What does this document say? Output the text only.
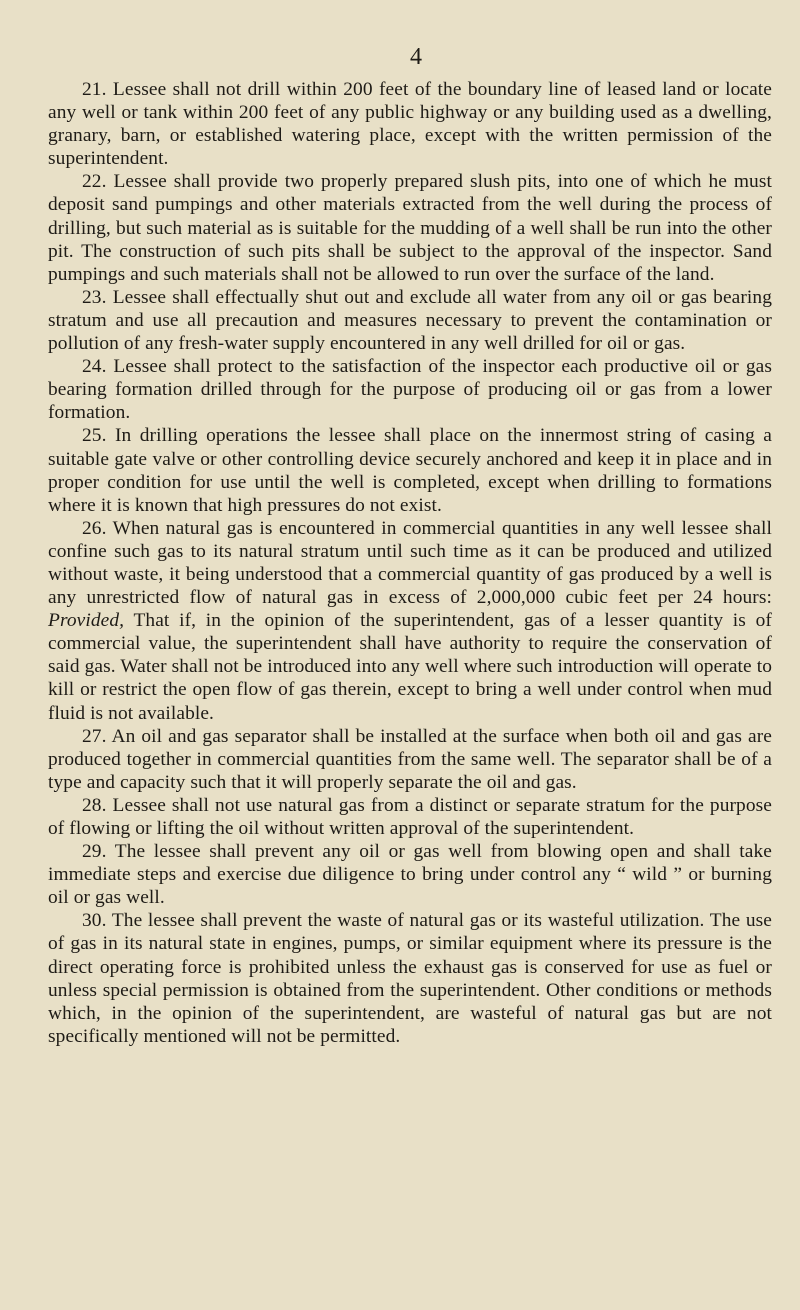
4

21. Lessee shall not drill within 200 feet of the boundary line of leased land or locate any well or tank within 200 feet of any public highway or any building used as a dwelling, granary, barn, or established watering place, except with the written permission of the superintendent.

22. Lessee shall provide two properly prepared slush pits, into one of which he must deposit sand pumpings and other materials extracted from the well during the process of drilling, but such material as is suitable for the mudding of a well shall be run into the other pit. The construction of such pits shall be subject to the approval of the inspector. Sand pumpings and such materials shall not be allowed to run over the surface of the land.

23. Lessee shall effectually shut out and exclude all water from any oil or gas bearing stratum and use all precaution and measures necessary to prevent the contamination or pollution of any fresh-water supply encountered in any well drilled for oil or gas.

24. Lessee shall protect to the satisfaction of the inspector each productive oil or gas bearing formation drilled through for the purpose of producing oil or gas from a lower formation.

25. In drilling operations the lessee shall place on the innermost string of casing a suitable gate valve or other controlling device securely anchored and keep it in place and in proper condition for use until the well is completed, except when drilling to formations where it is known that high pressures do not exist.

26. When natural gas is encountered in commercial quantities in any well lessee shall confine such gas to its natural stratum until such time as it can be produced and utilized without waste, it being understood that a commercial quantity of gas produced by a well is any unrestricted flow of natural gas in excess of 2,000,000 cubic feet per 24 hours: Provided, That if, in the opinion of the superintendent, gas of a lesser quantity is of commercial value, the superintendent shall have authority to require the conservation of said gas. Water shall not be introduced into any well where such introduction will operate to kill or restrict the open flow of gas therein, except to bring a well under control when mud fluid is not available.

27. An oil and gas separator shall be installed at the surface when both oil and gas are produced together in commercial quantities from the same well. The separator shall be of a type and capacity such that it will properly separate the oil and gas.

28. Lessee shall not use natural gas from a distinct or separate stratum for the purpose of flowing or lifting the oil without written approval of the superintendent.

29. The lessee shall prevent any oil or gas well from blowing open and shall take immediate steps and exercise due diligence to bring under control any “ wild ” or burning oil or gas well.

30. The lessee shall prevent the waste of natural gas or its wasteful utilization. The use of gas in its natural state in engines, pumps, or similar equipment where its pressure is the direct operating force is prohibited unless the exhaust gas is conserved for use as fuel or unless special permission is obtained from the superintendent. Other conditions or methods which, in the opinion of the superintendent, are wasteful of natural gas but are not specifically mentioned will not be permitted.
